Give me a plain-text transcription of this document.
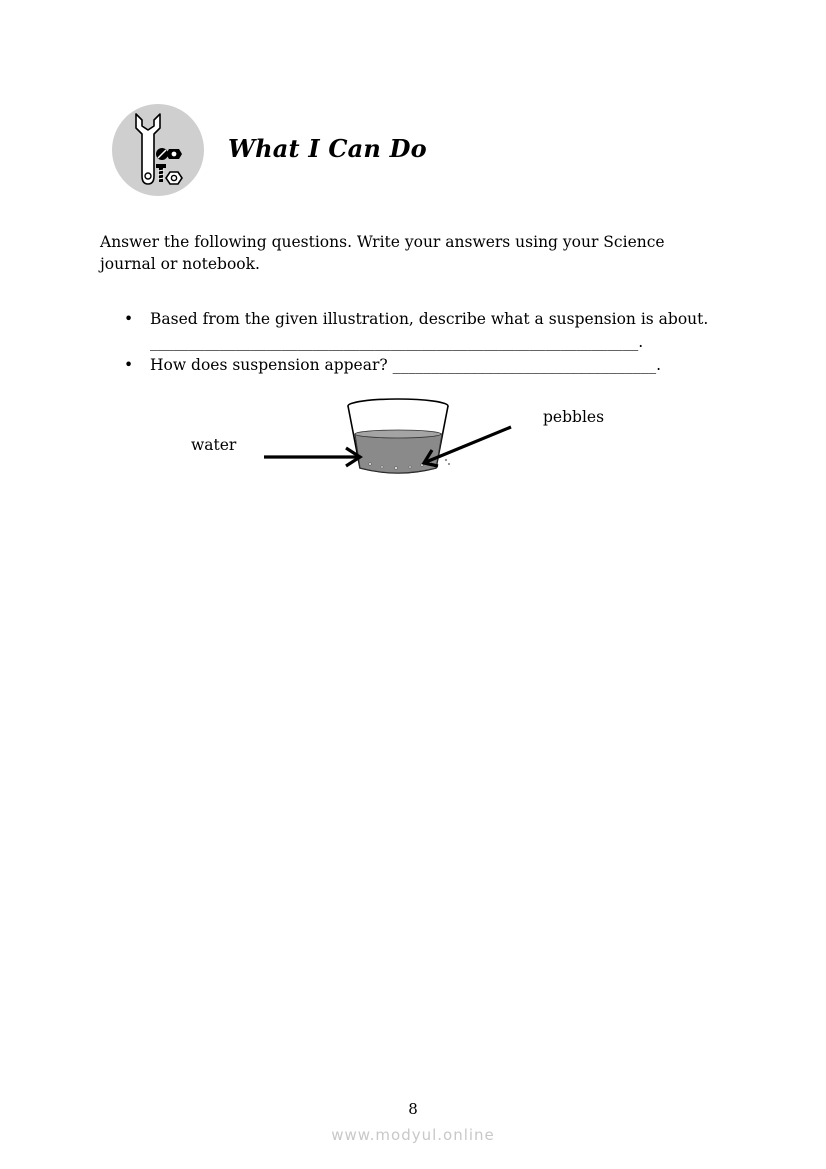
What I Can Do

Answer the following questions. Write your answers using your Science journal or notebook.

• Based from the given illustration, describe what a suspension is about.
_______________________________________________________________.
• How does suspension appear? __________________________________.
water
pebbles
8
www.modyul.online
